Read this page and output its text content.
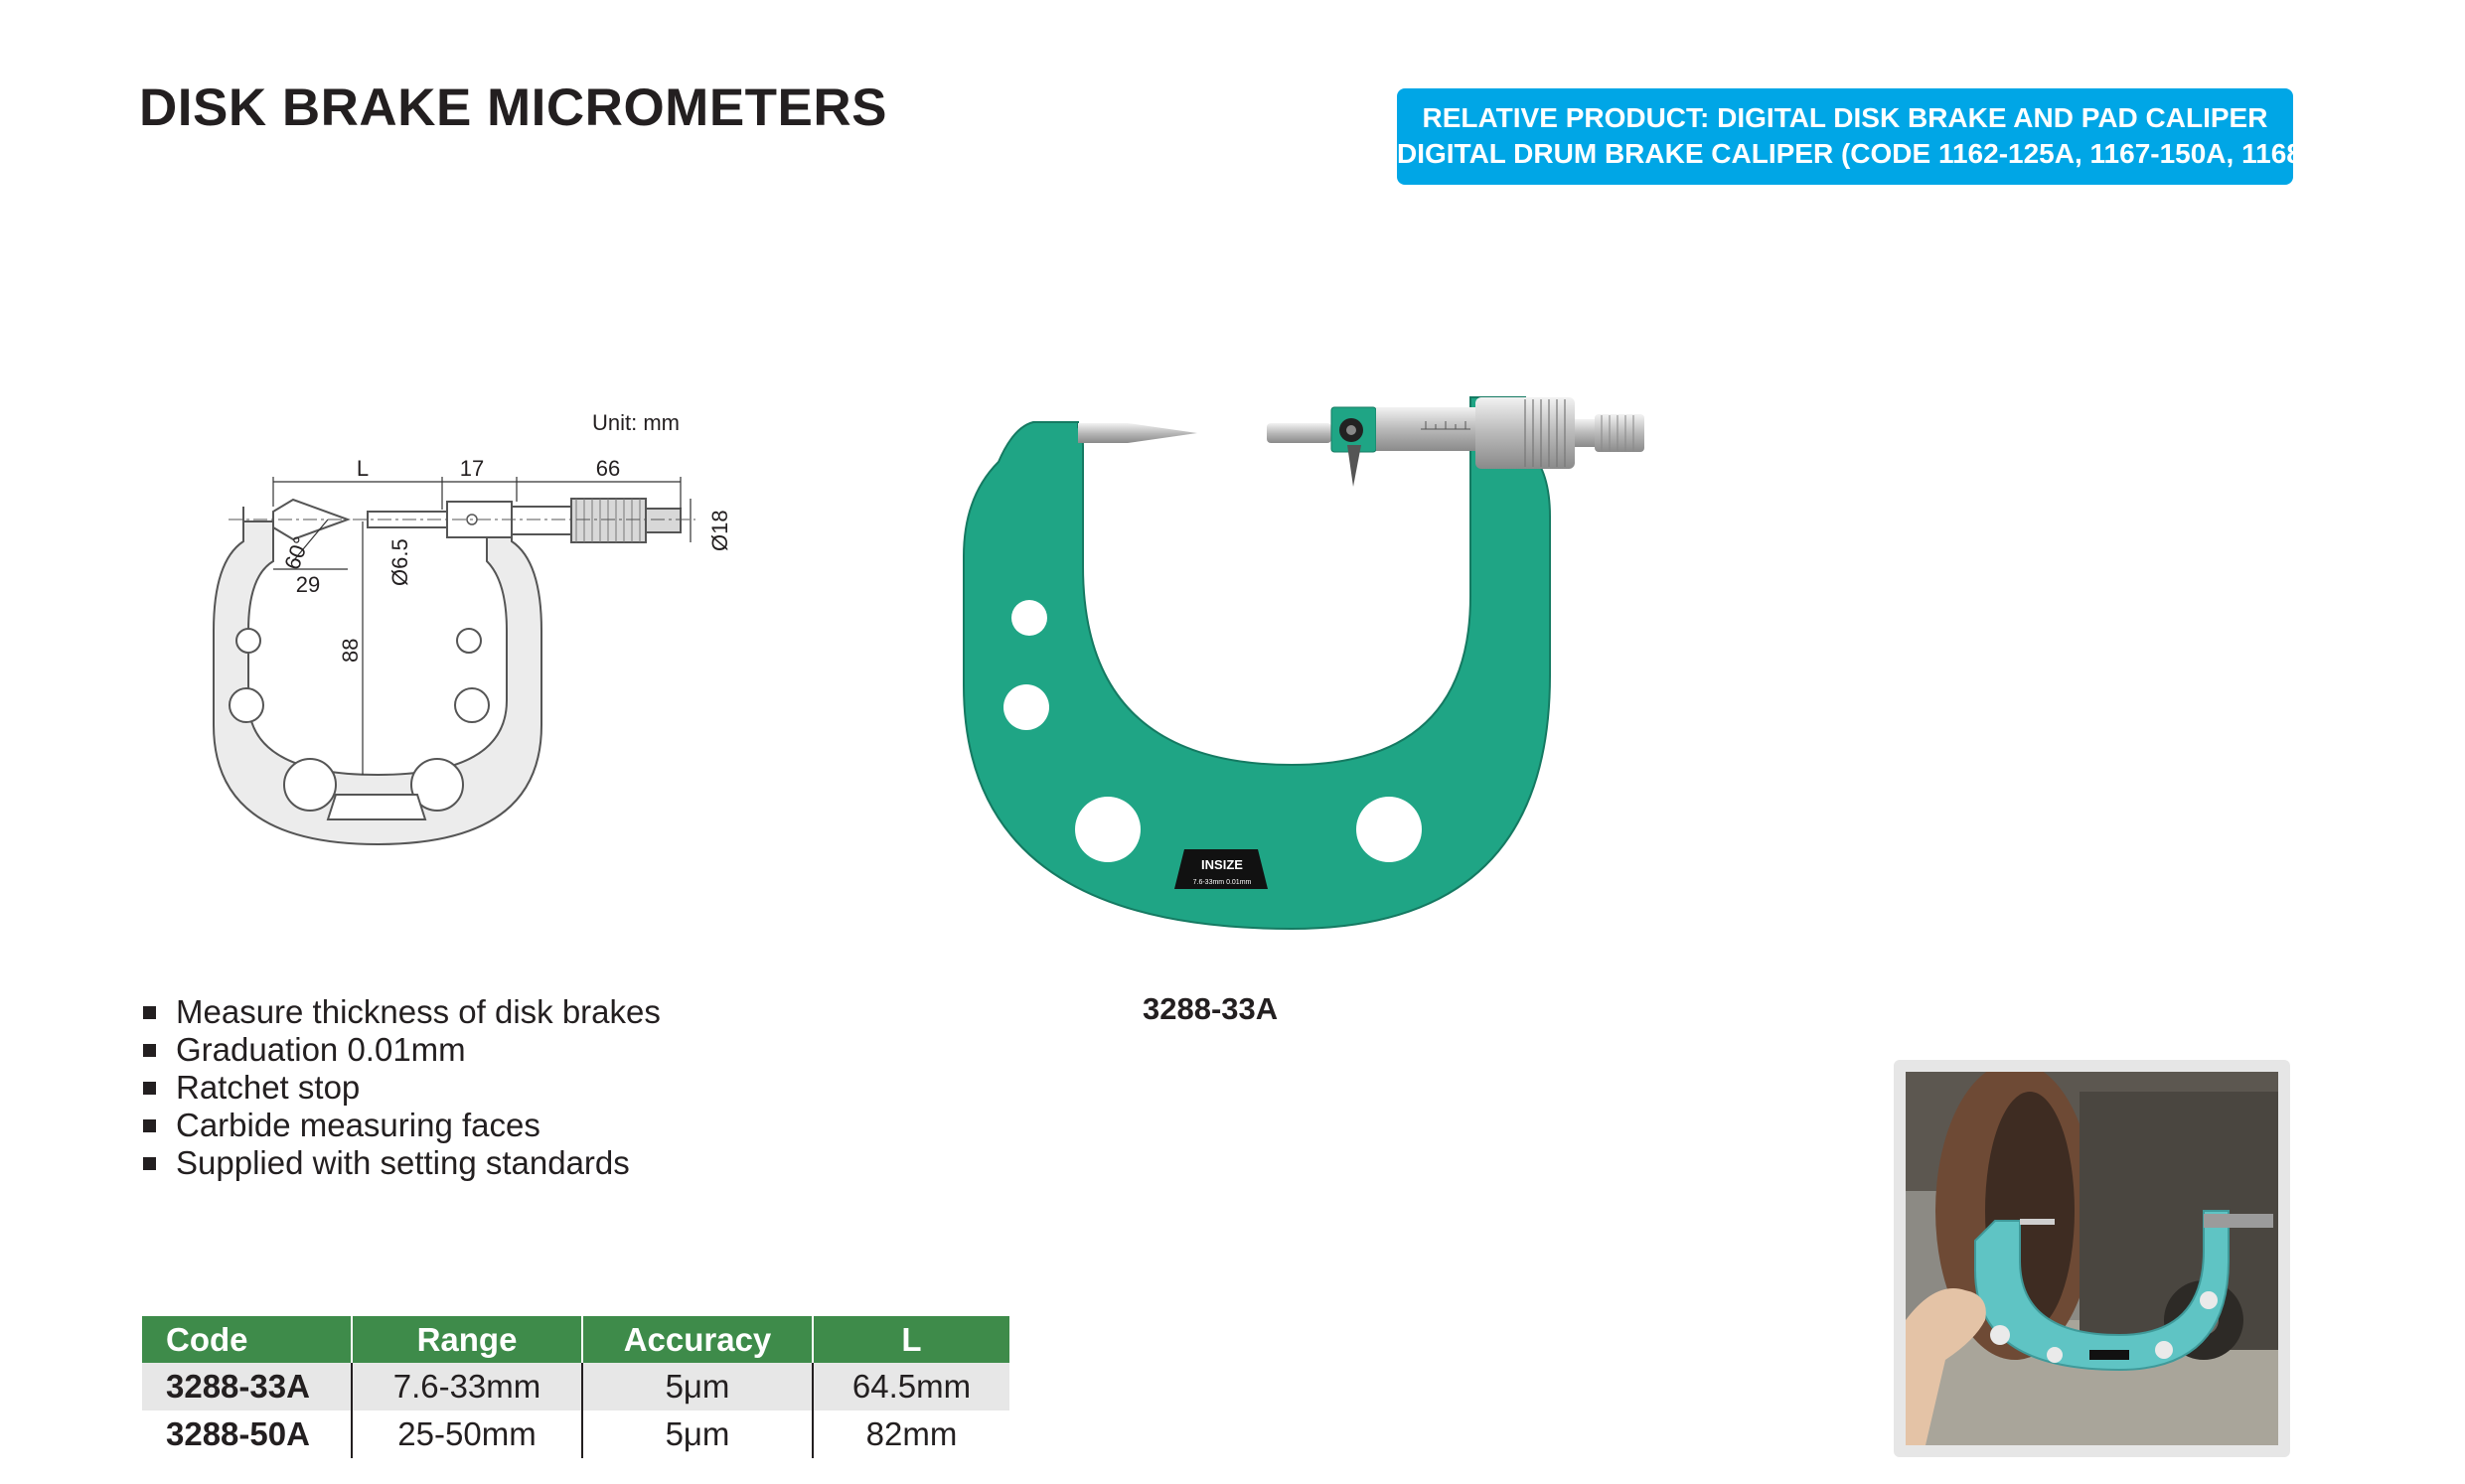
DISK BRAKE MICROMETERS	RELATIVE PRODUCT: DIGITAL DISK BRAKE AND PAD CALIPER
DIGITAL DRUM BRAKE CALIPER (CODE 1162-125A, 1167-150A, 1168-300A)
Unit: mm
L	17	66
60°
29	Ø6.5
Ø18
88
INSIZE
7.6-33mm 0.01mm
3288-33A
Measure thickness of disk brakes
Graduation 0.01mm
Ratchet stop
Carbide measuring faces
Supplied with setting standards
Code	Range	Accuracy	L
3288-33A	7.6-33mm	5μm	64.5mm
3288-50A	25-50mm	5μm	82mm
